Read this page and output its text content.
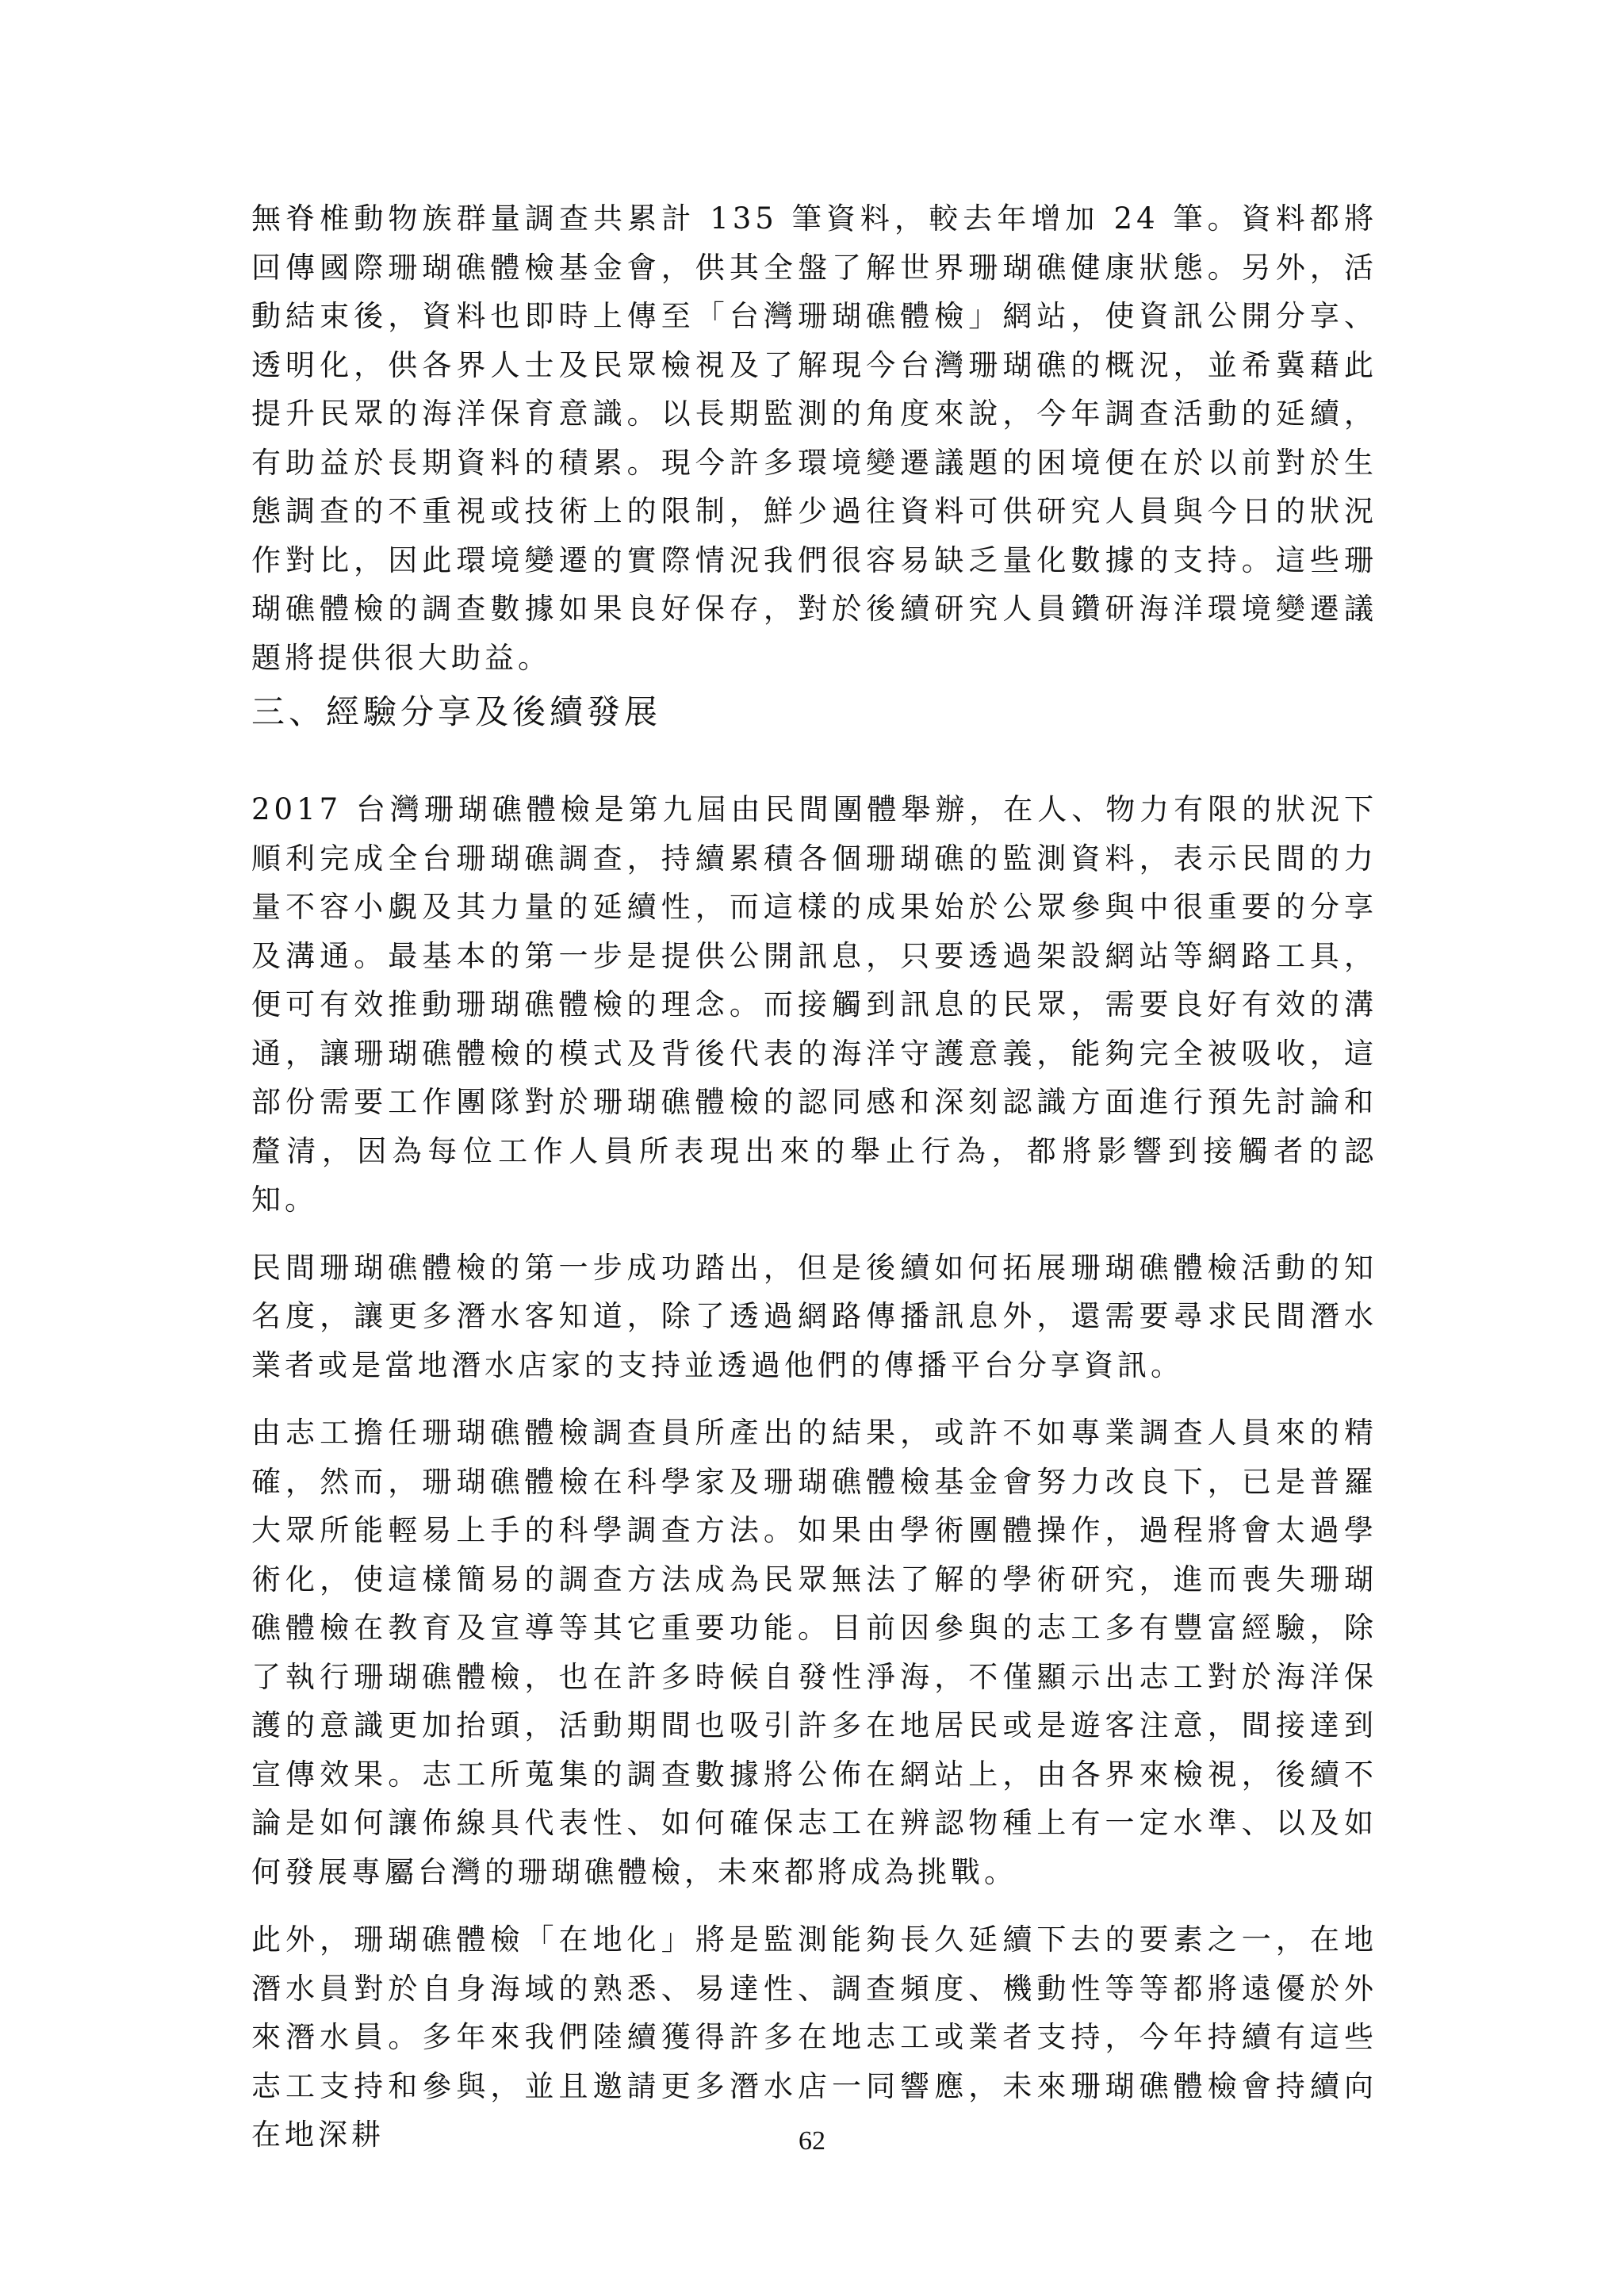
無脊椎動物族群量調查共累計 135 筆資料，較去年增加 24 筆。資料都將回傳國際珊瑚礁體檢基金會，供其全盤了解世界珊瑚礁健康狀態。另外，活動結束後，資料也即時上傳至「台灣珊瑚礁體檢」網站，使資訊公開分享、透明化，供各界人士及民眾檢視及了解現今台灣珊瑚礁的概況，並希冀藉此提升民眾的海洋保育意識。以長期監測的角度來說，今年調查活動的延續，有助益於長期資料的積累。現今許多環境變遷議題的困境便在於以前對於生態調查的不重視或技術上的限制，鮮少過往資料可供研究人員與今日的狀況作對比，因此環境變遷的實際情況我們很容易缺乏量化數據的支持。這些珊瑚礁體檢的調查數據如果良好保存，對於後續研究人員鑽研海洋環境變遷議題將提供很大助益。

三、經驗分享及後續發展

2017 台灣珊瑚礁體檢是第九屆由民間團體舉辦，在人、物力有限的狀況下順利完成全台珊瑚礁調查，持續累積各個珊瑚礁的監測資料，表示民間的力量不容小覷及其力量的延續性，而這樣的成果始於公眾參與中很重要的分享及溝通。最基本的第一步是提供公開訊息，只要透過架設網站等網路工具，便可有效推動珊瑚礁體檢的理念。而接觸到訊息的民眾，需要良好有效的溝通，讓珊瑚礁體檢的模式及背後代表的海洋守護意義，能夠完全被吸收，這部份需要工作團隊對於珊瑚礁體檢的認同感和深刻認識方面進行預先討論和釐清，因為每位工作人員所表現出來的舉止行為，都將影響到接觸者的認知。

民間珊瑚礁體檢的第一步成功踏出，但是後續如何拓展珊瑚礁體檢活動的知名度，讓更多潛水客知道，除了透過網路傳播訊息外，還需要尋求民間潛水業者或是當地潛水店家的支持並透過他們的傳播平台分享資訊。

由志工擔任珊瑚礁體檢調查員所產出的結果，或許不如專業調查人員來的精確，然而，珊瑚礁體檢在科學家及珊瑚礁體檢基金會努力改良下，已是普羅大眾所能輕易上手的科學調查方法。如果由學術團體操作，過程將會太過學術化，使這樣簡易的調查方法成為民眾無法了解的學術研究，進而喪失珊瑚礁體檢在教育及宣導等其它重要功能。目前因參與的志工多有豐富經驗，除了執行珊瑚礁體檢，也在許多時候自發性淨海，不僅顯示出志工對於海洋保護的意識更加抬頭，活動期間也吸引許多在地居民或是遊客注意，間接達到宣傳效果。志工所蒐集的調查數據將公佈在網站上，由各界來檢視，後續不論是如何讓佈線具代表性、如何確保志工在辨認物種上有一定水準、以及如何發展專屬台灣的珊瑚礁體檢，未來都將成為挑戰。

此外，珊瑚礁體檢「在地化」將是監測能夠長久延續下去的要素之一，在地潛水員對於自身海域的熟悉、易達性、調查頻度、機動性等等都將遠優於外來潛水員。多年來我們陸續獲得許多在地志工或業者支持，今年持續有這些志工支持和參與，並且邀請更多潛水店一同響應，未來珊瑚礁體檢會持續向在地深耕	62
